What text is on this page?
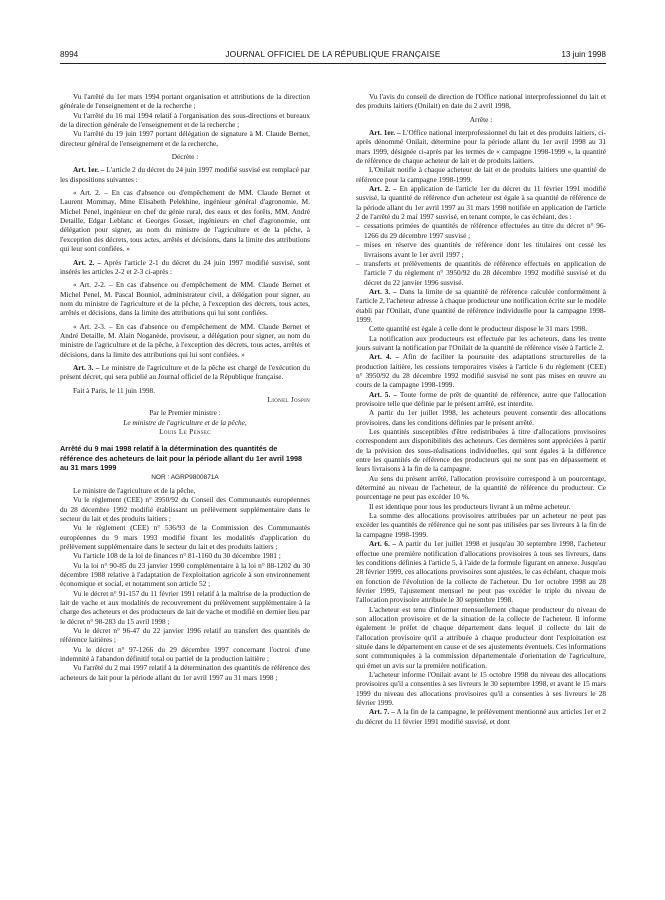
8994	JOURNAL OFFICIEL DE LA RÉPUBLIQUE FRANÇAISE	13 juin 1998

Vu l'arrêté du 1er mars 1994 portant organisation et attributions de la direction générale de l'enseignement et de la recherche ;

Vu l'arrêté du 16 mai 1994 relatif à l'organisation des sous-directions et bureaux de la direction générale de l'enseignement et de la recherche ;

Vu l'arrêté du 19 juin 1997 portant délégation de signature à M. Claude Bernet, directeur général de l'enseignement et de la recherche,

Décrète :

Art. 1er. – L'article 2 du décret du 24 juin 1997 modifié susvisé est remplacé par les dispositions suivantes :

« Art. 2. – En cas d'absence ou d'empêchement de MM. Claude Bernet et Laurent Mommay, Mme Elisabeth Pelekhine, ingénieur général d'agronomie, M. Michel Penel, ingénieur en chef du génie rural, des eaux et des forêts, MM. André Detaille, Edgar Leblanc et Georges Gosset, ingénieurs en chef d'agronomie, ont délégation pour signer, au nom du ministre de l'agriculture et de la pêche, à l'exception des décrets, tous actes, arrêtés et décisions, dans la limite des attributions qui leur sont confiées. »

Art. 2. – Après l'article 2-1 du décret du 24 juin 1997 modifié susvisé, sont insérés les articles 2-2 et 2-3 ci-après :

« Art. 2-2. – En cas d'absence ou d'empêchement de MM. Claude Bernet et Michel Penel, M. Pascal Bouniol, administrateur civil, a délégation pour signer, au nom du ministre de l'agriculture et de la pêche, à l'exception des décrets, tous actes, arrêtés et décisions, dans la limite des attributions qui lui sont confiées.

« Art. 2-3. – En cas d'absence ou d'empêchement de MM. Claude Bernet et André Detaille, M. Alain Noganède, proviseur, a délégation pour signer, au nom du ministre de l'agriculture et de la pêche, à l'exception des décrets, tous actes, arrêtés et décisions, dans la limite des attributions qui lui sont confiées. »

Art. 3. – Le ministre de l'agriculture et de la pêche est chargé de l'exécution du présent décret, qui sera publié au Journal officiel de la République française.

Fait à Paris, le 11 juin 1998.

Lionel Jospin

Par le Premier ministre :

Le ministre de l'agriculture et de la pêche,

Louis Le Pensec

Arrêté du 9 mai 1998 relatif à la détermination des quantités de référence des acheteurs de lait pour la période allant du 1er avril 1998 au 31 mars 1999

NOR : AGRP9800871A

Le ministre de l'agriculture et de la pêche,

Vu le règlement (CEE) n° 3950/92 du Conseil des Communautés européennes du 28 décembre 1992 modifié établissant un prélèvement supplémentaire dans le secteur du lait et des produits laitiers ;

Vu le règlement (CEE) n° 536/93 de la Commission des Communautés européennes du 9 mars 1993 modifié fixant les modalités d'application du prélèvement supplémentaire dans le secteur du lait et des produits laitiers ;

Vu l'article 108 de la loi de finances n° 81-1160 du 30 décembre 1981 ;

Vu la loi n° 90-85 du 23 janvier 1990 complémentaire à la loi n° 88-1202 du 30 décembre 1988 relative à l'adaptation de l'exploitation agricole à son environnement économique et social, et notamment son article 52 ;

Vu le décret n° 91-157 du 11 février 1991 relatif à la maîtrise de la production de lait de vache et aux modalités de recouvrement du prélèvement supplémentaire à la charge des acheteurs et des producteurs de lait de vache et modifié en dernier lieu par le décret n° 98-283 du 15 avril 1998 ;

Vu le décret n° 96-47 du 22 janvier 1996 relatif au transfert des quantités de référence laitières ;

Vu le décret n° 97-1266 du 29 décembre 1997 concernant l'octroi d'une indemnité à l'abandon définitif total ou partiel de la production laitière ;

Vu l'arrêté du 2 mai 1997 relatif à la détermination des quantités de référence des acheteurs de lait pour la période allant du 1er avril 1997 au 31 mars 1998 ;

Vu l'avis du conseil de direction de l'Office national interprofessionnel du lait et des produits laitiers (Onilait) en date du 2 avril 1998,

Arrête :

Art. 1er. – L'Office national interprofessionnel du lait et des produits laitiers, ci-après dénommé Onilait, détermine pour la période allant du 1er avril 1998 au 31 mars 1999, désignée ci-après par les termes de « campagne 1998-1999 », la quantité de référence de chaque acheteur de lait et de produits laitiers.

L'Onilait notifie à chaque acheteur de lait et de produits laitiers une quantité de référence pour la campagne 1998-1999.

Art. 2. – En application de l'article 1er du décret du 11 février 1991 modifié susvisé, la quantité de référence d'un acheteur est égale à sa quantité de référence de la période allant du 1er avril 1997 au 31 mars 1998 notifiée en application de l'article 2 de l'arrêté du 2 mai 1997 susvisé, en tenant compte, le cas échéant, des :

– cessations primées de quantités de référence effectuées au titre du décret n° 96-1266 du 29 décembre 1997 susvisé ;

– mises en réserve des quantités de référence dont les titulaires ont cessé les livraisons avant le 1er avril 1997 ;

– transferts et prélèvements de quantités de référence effectués en application de l'article 7 du règlement n° 3950/92 du 28 décembre 1992 modifié susvisé et du décret du 22 janvier 1996 susvisé.

Art. 3. – Dans la limite de sa quantité de référence calculée conformément à l'article 2, l'acheteur adresse à chaque producteur une notification écrite sur le modèle établi par l'Onilait, d'une quantité de référence individuelle pour la campagne 1998-1999.

Cette quantité est égale à celle dont le producteur dispose le 31 mars 1998.

La notification aux producteurs est effectuée par les acheteurs, dans les trente jours suivant la notification par l'Onilait de la quantité de référence visée à l'article 2.

Art. 4. – Afin de faciliter la poursuite des adaptations structurelles de la production laitière, les cessions temporaires visées à l'article 6 du règlement (CEE) n° 3950/92 du 28 décembre 1992 modifié susvisé ne sont pas mises en œuvre au cours de la campagne 1998-1999.

Art. 5. – Toute forme de prêt de quantité de référence, autre que l'allocation provisoire telle que définie par le présent arrêté, est interdite.

A partir du 1er juillet 1998, les acheteurs peuvent consentir des allocations provisoires, dans les conditions définies par le présent arrêté.

Les quantités susceptibles d'être redistribuées à titre d'allocations provisoires correspondent aux disponibilités des acheteurs. Ces dernières sont appréciées à partir de la prévision des sous-réalisations individuelles, qui sont égales à la différence entre les quantités de référence des producteurs qui ne sont pas en dépassement et leurs livraisons à la fin de la campagne.

Au sens du présent arrêté, l'allocation provisoire correspond à un pourcentage, déterminé au niveau de l'acheteur, de la quantité de référence du producteur. Ce pourcentage ne peut pas excéder 10 %.

Il est identique pour tous les producteurs livrant à un même acheteur.

La somme des allocations provisoires attribuées par un acheteur ne peut pas excéder les quantités de référence qui ne sont pas utilisées par ses livreurs à la fin de la campagne 1998-1999.

Art. 6. – A partir du 1er juillet 1998 et jusqu'au 30 septembre 1998, l'acheteur effectue une première notification d'allocations provisoires à tous ses livreurs, dans les conditions définies à l'article 5, à l'aide de la formule figurant en annexe. Jusqu'au 28 février 1999, ces allocations provisoires sont ajustées, le cas échéant, chaque mois en fonction de l'évolution de la collecte de l'acheteur. Du 1er octobre 1998 au 28 février 1999, l'ajustement mensuel ne peut pas excéder le triple du niveau de l'allocation provisoire attribuée le 30 septembre 1998.

L'acheteur est tenu d'informer mensuellement chaque producteur du niveau de son allocation provisoire et de la situation de la collecte de l'acheteur. Il informe également le préfet de chaque département dans lequel il collecte du lait de l'allocation provisoire qu'il a attribuée à chaque producteur dont l'exploitation est située dans le département en cause et de ses ajustements éventuels. Ces informations sont communiquées à la commission départementale d'orientation de l'agriculture, qui émet un avis sur la première notification.

L'acheteur informe l'Onilait avant le 15 octobre 1998 du niveau des allocations provisoires qu'il a consenties à ses livreurs le 30 septembre 1998, et avant le 15 mars 1999 du niveau des allocations provisoires qu'il a consenties à ses livreurs le 28 février 1999.

Art. 7. – A la fin de la campagne, le prélèvement mentionné aux articles 1er et 2 du décret du 11 février 1991 modifié susvisé, et dont
